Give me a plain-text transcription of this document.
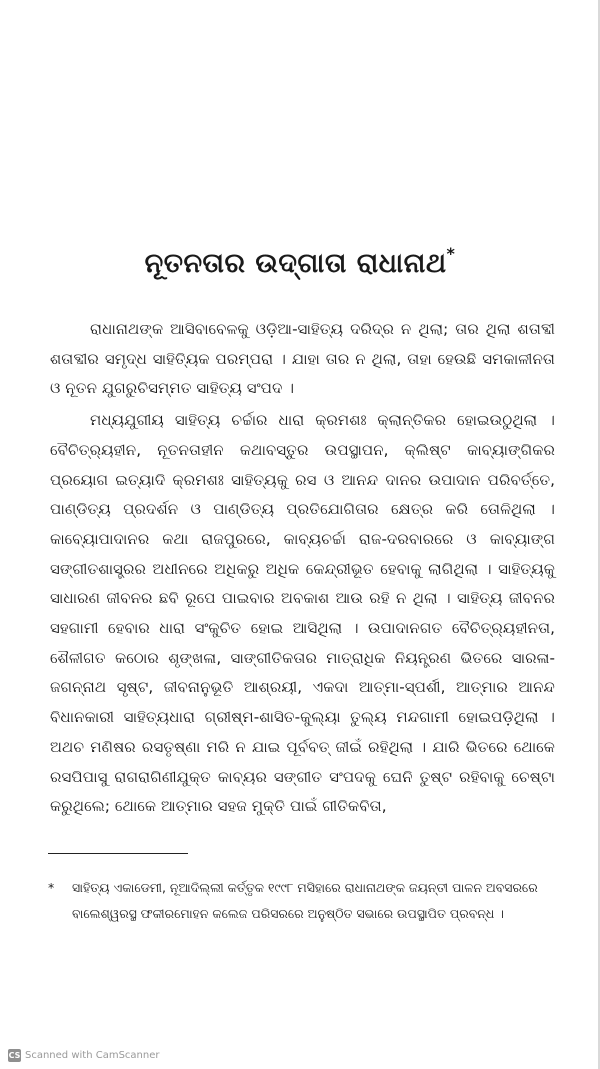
ନୂତନତାର ଉଦ୍‌ଗାତା ରାଧାନାଥ*

ରାଧାନାଥଙ୍କ ଆସିବାବେଳକୁ ଓଡ଼ିଆ-ସାହିତ୍ୟ ଦରିଦ୍ର ନ ଥିଲା; ତାର ଥିଲା ଶତାବ୍ଦୀ ଶତାବ୍ଦୀର ସମୃଦ୍ଧ ସାହିତ୍ୟିକ ପରମ୍ପରା । ଯାହା ତାର ନ ଥିଲା, ତାହା ହେଉଛି ସମକାଳୀନତା ଓ ନୂତନ ଯୁଗରୁଚିସମ୍ମତ ସାହିତ୍ୟ ସଂପଦ ।

ମଧ୍ୟଯୁଗୀୟ ସାହିତ୍ୟ ଚର୍ଚ୍ଚାର ଧାରା କ୍ରମଶଃ କ୍ଲାନ୍ତିକର ହୋଇଉଠୁଥିଲା । ବୈଚିତ୍ର୍ୟହୀନ, ନୂତନତାହୀନ କଥାବସ୍ତୁର ଉପସ୍ଥାପନ, କ୍ଲିଷ୍ଟ କାବ୍ୟାଙ୍ଗିକର ପ୍ରୟୋଗ ଇତ୍ୟାଦି କ୍ରମଶଃ ସାହିତ୍ୟକୁ ରସ ଓ ଆନନ୍ଦ ଦାନର ଉପାଦାନ ପରିବର୍ତ୍ତେ, ପାଣ୍ଡିତ୍ୟ ପ୍ରଦର୍ଶନ ଓ ପାଣ୍ଡିତ୍ୟ ପ୍ରତିଯୋଗିତାର କ୍ଷେତ୍ର କରି ତୋଳିଥିଲା । କାବ୍ୟୋପାଦାନର କଥା ରାଜପୁରରେ, କାବ୍ୟଚର୍ଚ୍ଚା ରାଜ-ଦରବାରରେ ଓ କାବ୍ୟାଙ୍ଗ ସଙ୍ଗୀତଶାସ୍ତ୍ରର ଅଧୀନରେ ଅଧିକରୁ ଅଧିକ କେନ୍ଦ୍ରୀଭୂତ ହେବାକୁ ଲାଗିଥିଲା । ସାହିତ୍ୟକୁ ସାଧାରଣ ଜୀବନର ଛବି ରୂପେ ପାଇବାର ଅବକାଶ ଆଉ ରହି ନ ଥିଲା । ସାହିତ୍ୟ ଜୀବନର ସହଗାମୀ ହେବାର ଧାରା ସଂକୁଚିତ ହୋଇ ଆସିଥିଲା । ଉପାଦାନଗତ ବୈଚିତ୍ର୍ୟହୀନତା, ଶୈଳୀଗତ କଠୋର ଶୃଙ୍ଖଳା, ସାଙ୍ଗୀତିକତାର ମାତ୍ରାଧିକ ନିୟନ୍ତ୍ରଣ ଭିତରେ ସାରଳା-ଜଗନ୍ନାଥ ସୃଷ୍ଟ, ଜୀବନାନୁଭୂତି ଆଶ୍ରୟୀ, ଏକଦା ଆତ୍ମା-ସ୍ପର୍ଶୀ, ଆତ୍ମାର ଆନନ୍ଦ ବିଧାନକାରୀ ସାହିତ୍ୟଧାରା ଗ୍ରୀଷ୍ମ-ଶାସିତ-କୁଲ୍ୟା ତୁଲ୍ୟ ମନ୍ଦଗାମୀ ହୋଇପଡ଼ିଥିଲା । ଅଥଚ ମଣିଷର ରସତୃଷ୍ଣା ମରି ନ ଯାଇ ପୂର୍ବବତ୍ ଜୀଇଁ ରହିଥିଲା । ଯାରି ଭିତରେ ଥୋକେ ରସପିପାସୁ ରାଗରାଗିଣୀଯୁକ୍ତ କାବ୍ୟର ସଙ୍ଗୀତ ସଂପଦକୁ ଘେନି ତୁଷ୍ଟ ରହିବାକୁ ଚେଷ୍ଟା କରୁଥିଲେ; ଥୋକେ ଆତ୍ମାର ସହଜ ମୁକ୍ତି ପାଇଁ ଗୀତିକବିତା,

* ସାହିତ୍ୟ ଏକାଡେମୀ, ନୂଆଦିଲ୍ଲୀ କର୍ତ୍ତୃକ ୧୯୯୮ ମସିହାରେ ରାଧାନାଥଙ୍କ ଜୟନ୍ତୀ ପାଳନ ଅବସରରେ ବାଲେଶ୍ୱରସ୍ଥ ଫକୀରମୋହନ କଲେଜ ପରିସରରେ ଅନୁଷ୍ଠିତ ସଭାରେ ଉପସ୍ଥାପିତ ପ୍ରବନ୍ଧ ।
CS Scanned with CamScanner
